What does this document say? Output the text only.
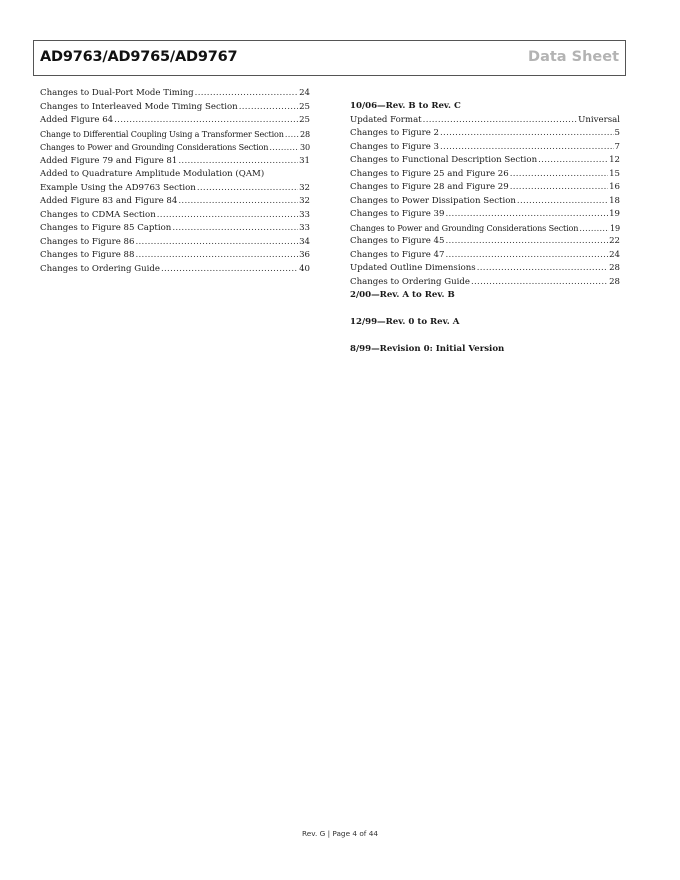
AD9763/AD9765/AD9767	Data Sheet
Changes to Dual-Port Mode Timing .....	24
Changes to Interleaved Mode Timing Section .....	25
Added Figure 64 .....	25
Change to Differential Coupling Using a Transformer Section ..... 28
Changes to Power and Grounding Considerations Section .....	30
Added Figure 79 and Figure 81 .....	31
Added to Quadrature Amplitude Modulation (QAM)
Example Using the AD9763 Section .....	32
Added Figure 83 and Figure 84 .....	32
Changes to CDMA Section .....	33
Changes to Figure 85 Caption .....	33
Changes to Figure 86 .....	34
Changes to Figure 88 .....	36
Changes to Ordering Guide .....	40
10/06—Rev. B to Rev. C
Updated Format .....	Universal
Changes to Figure 2 .....	5
Changes to Figure 3 .....	7
Changes to Functional Description Section .....	12
Changes to Figure 25 and Figure 26 .....	15
Changes to Figure 28 and Figure 29 .....	16
Changes to Power Dissipation Section .....	18
Changes to Figure 39 .....	19
Changes to Power and Grounding Considerations Section .....	19
Changes to Figure 45 .....	22
Changes to Figure 47 .....	24
Updated Outline Dimensions .....	28
Changes to Ordering Guide .....	28
2/00—Rev. A to Rev. B
12/99—Rev. 0 to Rev. A
8/99—Revision 0: Initial Version
Rev. G | Page 4 of 44
